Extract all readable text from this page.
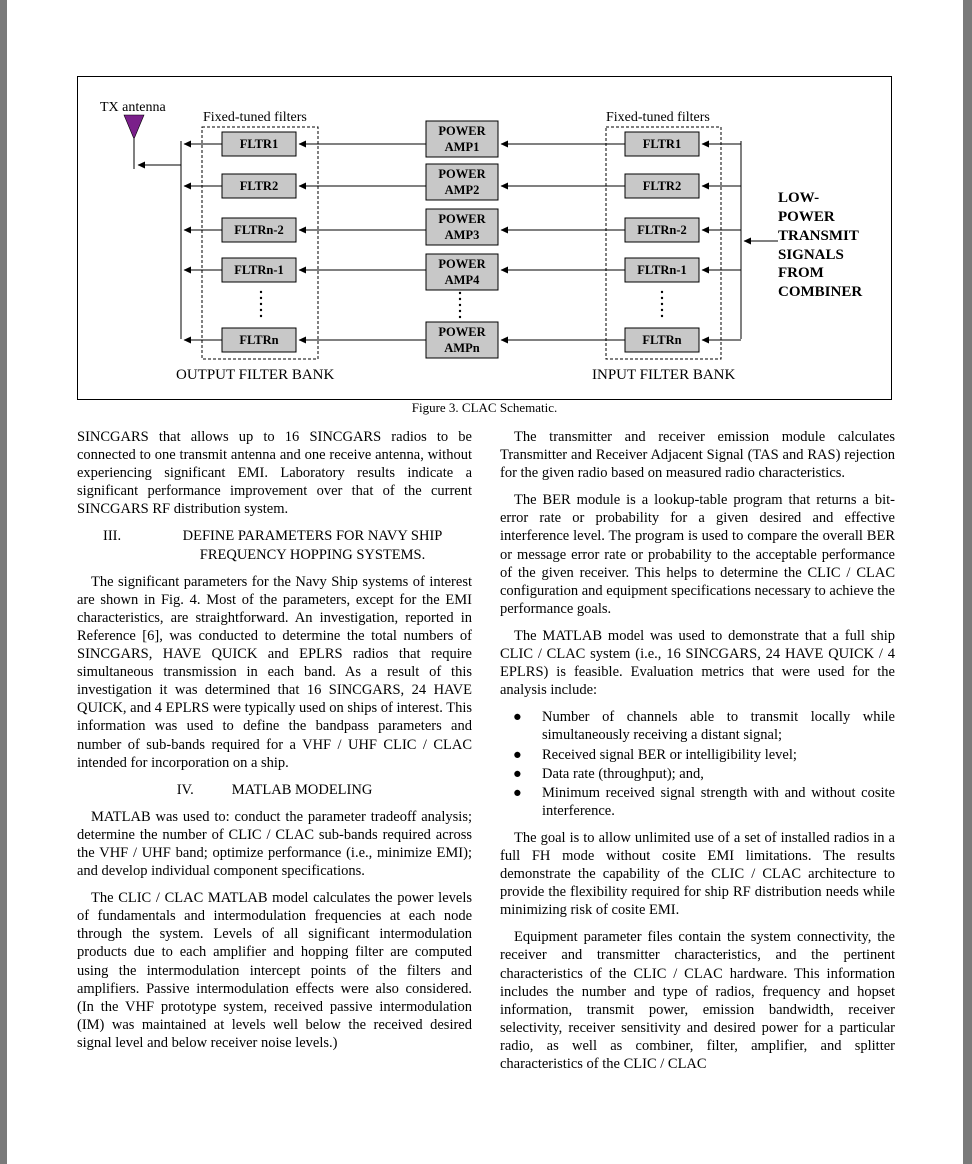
FLTR1
POWER
AMP1	FLTR1
FLTR2
POWER
AMP2	FLTR2
FLTRn-2
POWER
AMP3	FLTRn-2
FLTRn-1	POWER
AMP4
FLTRn-1
FLTRn
POWER
AMPn
FLTRn
TX antenna
Fixed-tuned filters	Fixed-tuned filters
OUTPUT FILTER BANK	INPUT FILTER BANK
LOW-
POWER
TRANSMIT
SIGNALS
FROM
COMBINER
Figure 3. CLAC Schematic.

SINCGARS that allows up to 16 SINCGARS radios to be connected to one transmit antenna and one receive antenna, without experiencing significant EMI. Laboratory results indicate a significant performance improvement over that of the current SINCGARS RF distribution system.

III.	DEFINE PARAMETERS FOR NAVY SHIP FREQUENCY HOPPING SYSTEMS.

The significant parameters for the Navy Ship systems of interest are shown in Fig. 4. Most of the parameters, except for the EMI characteristics, are straightforward. An investigation, reported in Reference [6], was conducted to determine the total numbers of SINCGARS, HAVE QUICK and EPLRS radios that require simultaneous transmission in each band. As a result of this investigation it was determined that 16 SINCGARS, 24 HAVE QUICK, and 4 EPLRS were typically used on ships of interest. This information was used to define the bandpass parameters and number of sub-bands required for a VHF / UHF CLIC / CLAC intended for incorporation on a ship.

IV.	MATLAB MODELING

MATLAB was used to: conduct the parameter tradeoff analysis; determine the number of CLIC / CLAC sub-bands required across the VHF / UHF band; optimize performance (i.e., minimize EMI); and develop individual component specifications.

The CLIC / CLAC MATLAB model calculates the power levels of fundamentals and intermodulation frequencies at each node through the system. Levels of all significant intermodulation products due to each amplifier and hopping filter are computed using the intermodulation intercept points of the filters and amplifiers. Passive intermodulation effects were also considered. (In the VHF prototype system, received passive intermodulation (IM) was maintained at levels well below the received desired signal level and below receiver noise levels.)

The transmitter and receiver emission module calculates Transmitter and Receiver Adjacent Signal (TAS and RAS) rejection for the given radio based on measured radio characteristics.

The BER module is a lookup-table program that returns a bit-error rate or probability for a given desired and effective interference level. The program is used to compare the overall BER or message error rate or probability to the acceptable performance of the given receiver. This helps to determine the CLIC / CLAC configuration and equipment specifications necessary to achieve the performance goals.

The MATLAB model was used to demonstrate that a full ship CLIC / CLAC system (i.e., 16 SINCGARS, 24 HAVE QUICK / 4 EPLRS) is feasible. Evaluation metrics that were used for the analysis include:

● Number of channels able to transmit locally while simultaneously receiving a distant signal;
● Received signal BER or intelligibility level;
● Data rate (throughput); and,
● Minimum received signal strength with and without cosite interference.

The goal is to allow unlimited use of a set of installed radios in a full FH mode without cosite EMI limitations. The results demonstrate the capability of the CLIC / CLAC architecture to provide the flexibility required for ship RF distribution needs while minimizing risk of cosite EMI.

Equipment parameter files contain the system connectivity, the receiver and transmitter characteristics, and the pertinent characteristics of the CLIC / CLAC hardware. This information includes the number and type of radios, frequency and hopset information, transmit power, emission bandwidth, receiver selectivity, receiver sensitivity and desired power for a particular radio, as well as combiner, filter, amplifier, and splitter characteristics of the CLIC / CLAC
